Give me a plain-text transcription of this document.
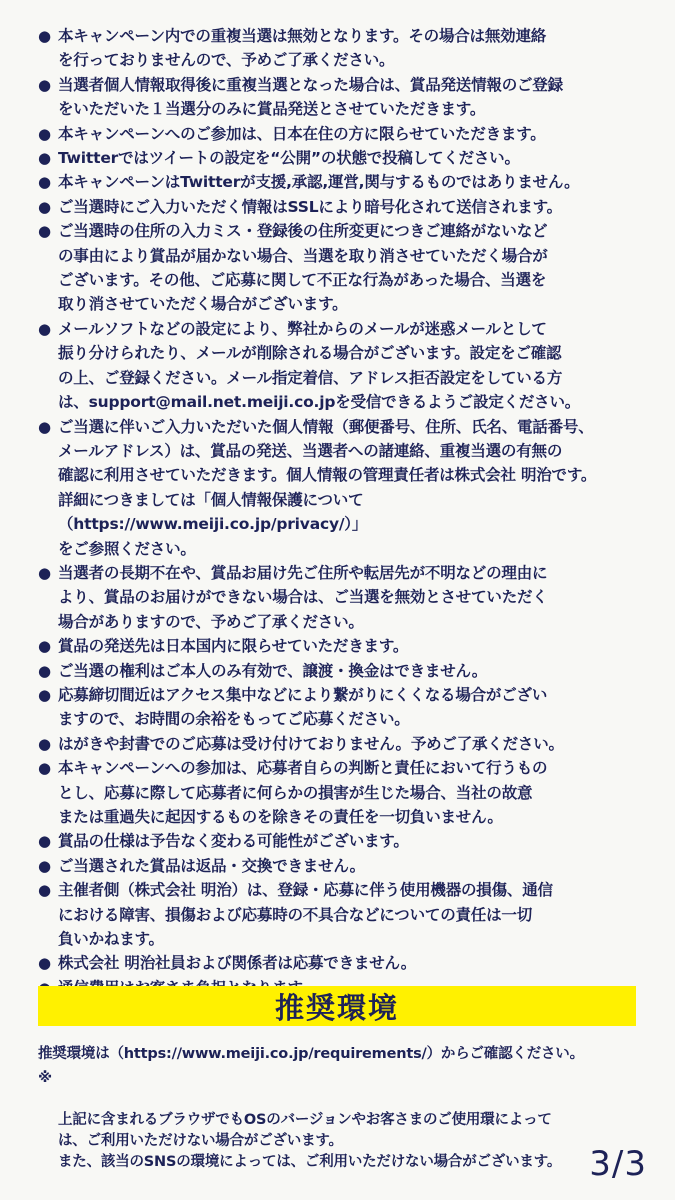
● 本キャンペーン内での重複当選は無効となります。その場合は無効連絡
を行っておりませんので、予めご了承ください。
● 当選者個人情報取得後に重複当選となった場合は、賞品発送情報のご登録
をいただいた１当選分のみに賞品発送とさせていただきます。
● 本キャンペーンへのご参加は、日本在住の方に限らせていただきます。
● Twitterではツイートの設定を“公開”の状態で投稿してください。
● 本キャンペーンはTwitterが支援,承認,運営,関与するものではありません。
● ご当選時にご入力いただく情報はSSLにより暗号化されて送信されます。
● ご当選時の住所の入力ミス・登録後の住所変更につきご連絡がないなど
の事由により賞品が届かない場合、当選を取り消させていただく場合が
ございます。その他、ご応募に関して不正な行為があった場合、当選を
取り消させていただく場合がございます。
● メールソフトなどの設定により、弊社からのメールが迷惑メールとして
振り分けられたり、メールが削除される場合がございます。設定をご確認
の上、ご登録ください。メール指定着信、アドレス拒否設定をしている方
は、support@mail.net.meiji.co.jpを受信できるようご設定ください。
● ご当選に伴いご入力いただいた個人情報（郵便番号、住所、氏名、電話番号、
メールアドレス）は、賞品の発送、当選者への諸連絡、重複当選の有無の
確認に利用させていただきます。個人情報の管理責任者は株式会社 明治です。
詳細につきましては「個人情報保護について（https://www.meiji.co.jp/privacy/）」
をご参照ください。
● 当選者の長期不在や、賞品お届け先ご住所や転居先が不明などの理由に
より、賞品のお届けができない場合は、ご当選を無効とさせていただく
場合がありますので、予めご了承ください。
● 賞品の発送先は日本国内に限らせていただきます。
● ご当選の権利はご本人のみ有効で、譲渡・換金はできません。
● 応募締切間近はアクセス集中などにより繋がりにくくなる場合がござい
ますので、お時間の余裕をもってご応募ください。
● はがきや封書でのご応募は受け付けておりません。予めご了承ください。
● 本キャンペーンへの参加は、応募者自らの判断と責任において行うもの
とし、応募に際して応募者に何らかの損害が生じた場合、当社の故意
または重過失に起因するものを除きその責任を一切負いません。
● 賞品の仕様は予告なく変わる可能性がございます。
● ご当選された賞品は返品・交換できません。
● 主催者側（株式会社 明治）は、登録・応募に伴う使用機器の損傷、通信
における障害、損傷および応募時の不具合などについての責任は一切
負いかねます。
● 株式会社 明治社員および関係者は応募できません。
推奨環境

推奨環境は（https://www.meiji.co.jp/requirements/）からご確認ください。

※

上記に含まれるブラウザでもOSのバージョンやお客さまのご使用環によって
は、ご利用いただけない場合がございます。

また、該当のSNSの環境によっては、ご利用いただけない場合がございます。 3/3
